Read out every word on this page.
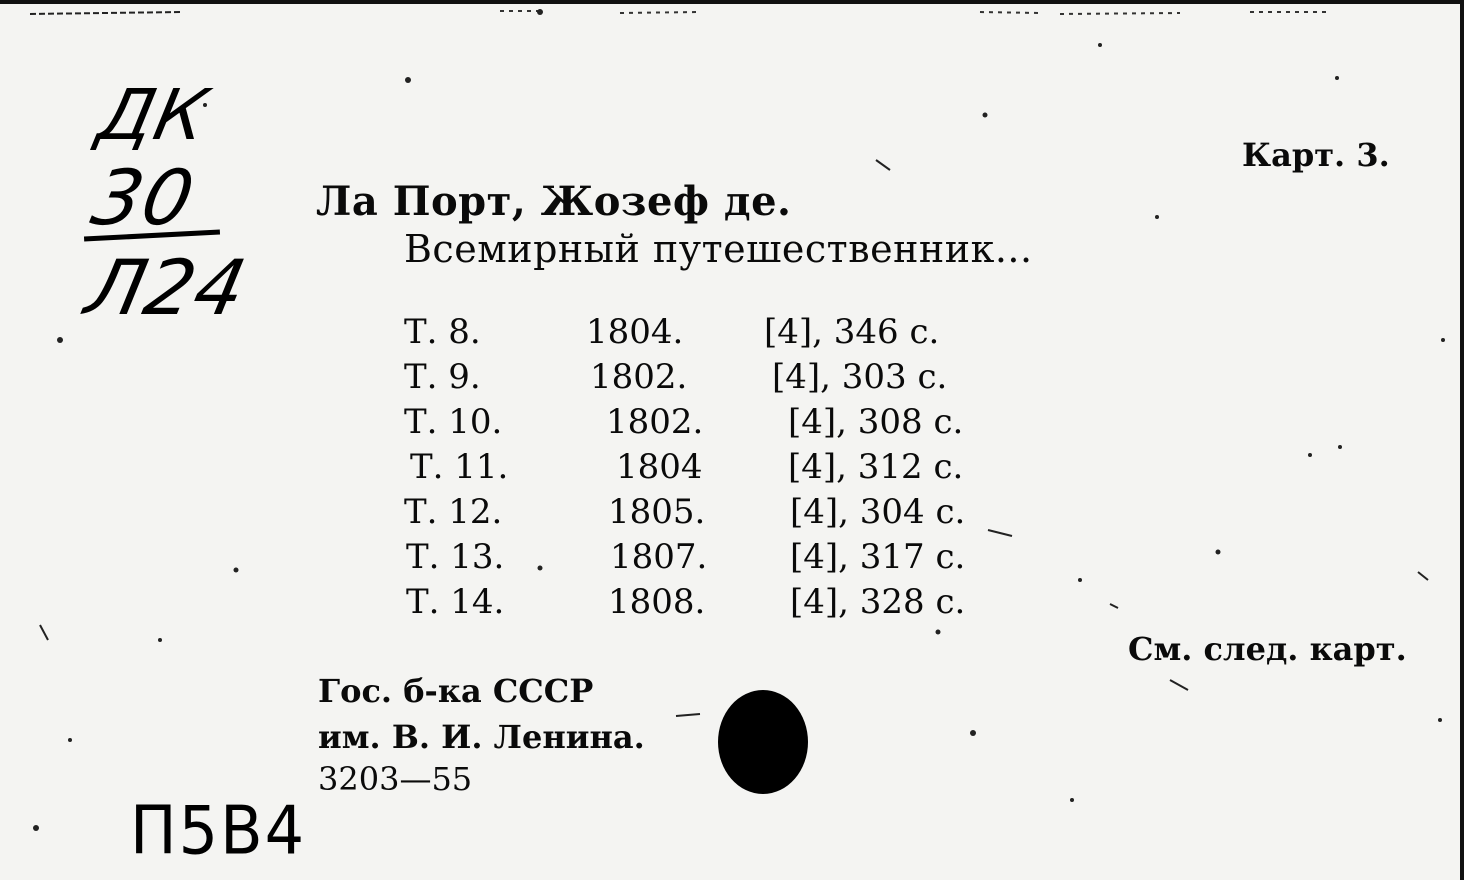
ДК
30
Л24
Карт. 3.
Ла Порт, Жозеф де.
Всемирный путешественник...
Т. 8.	1804. [4], 346 с.
Т. 9.	1802. [4], 303 с.
Т. 10.	1802. [4], 308 с.
Т. 11.	1804	[4], 312 с.
Т. 12.	1805. [4], 304 с.
Т. 13.	1807. [4], 317 с.
Т. 14.	1808. [4], 328 с.
См. след. карт.
Гос. б-ка СССР
им. В. И. Ленина.
3203—55
П5В4
